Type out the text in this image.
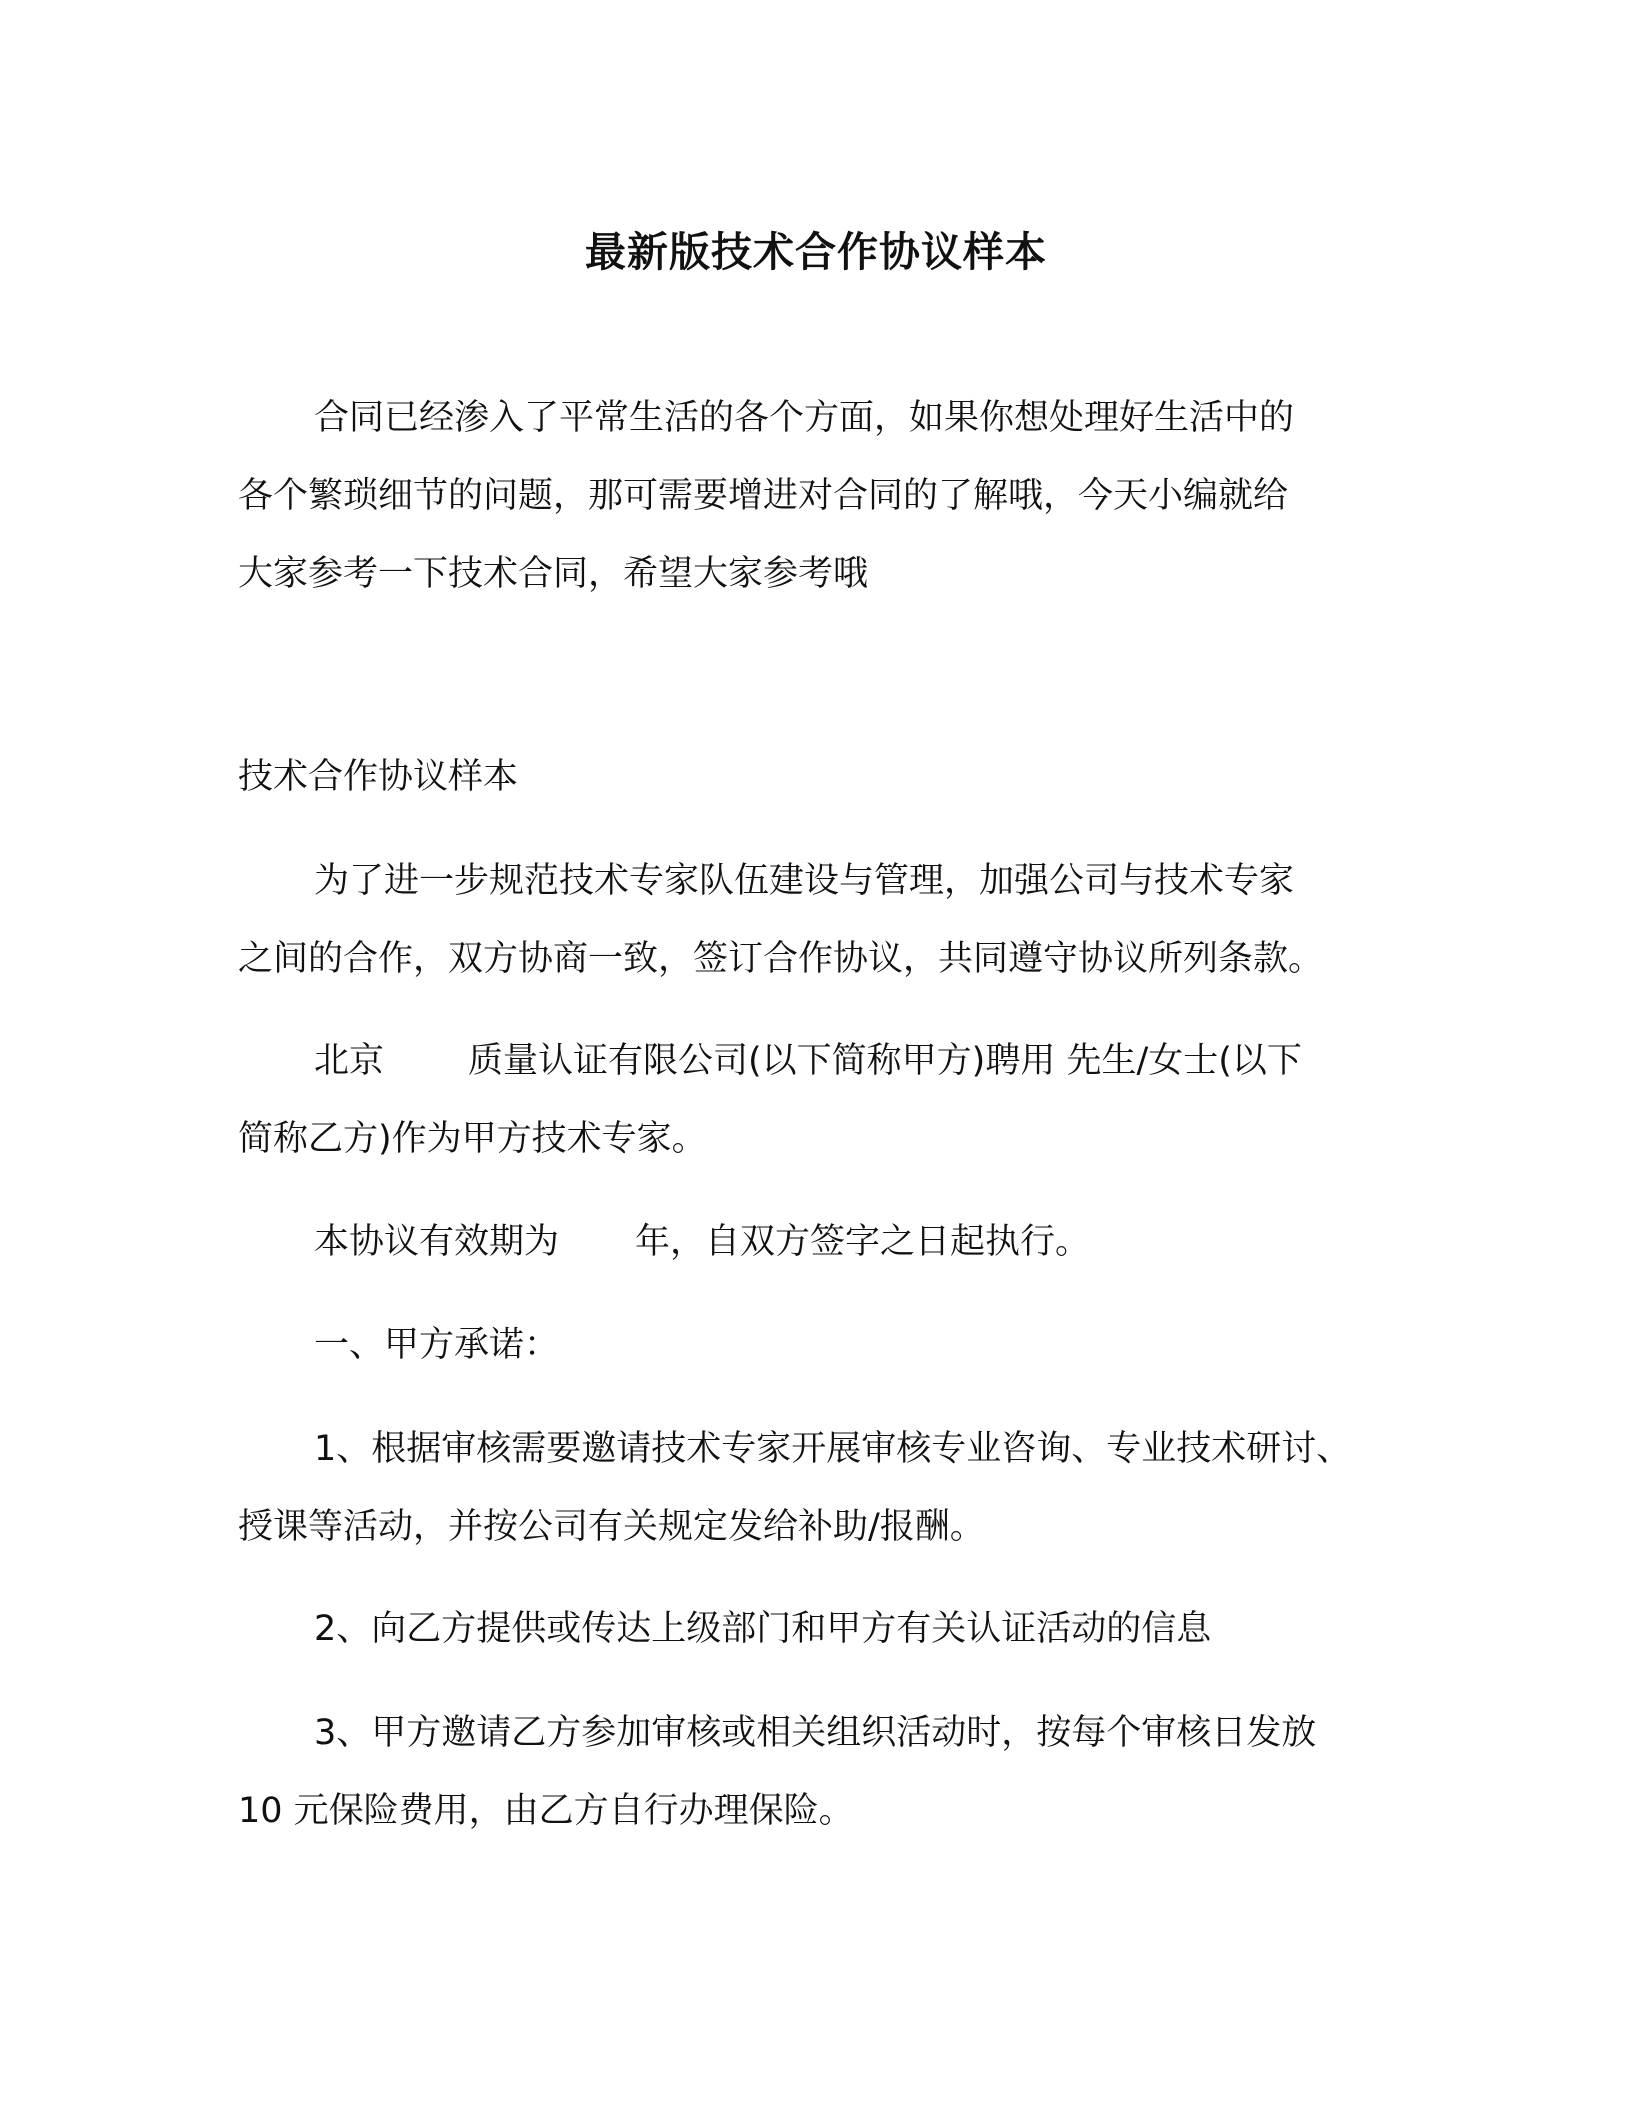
最新版技术合作协议样本
合同已经渗入了平常生活的各个方面，如果你想处理好生活中的
各个繁琐细节的问题，那可需要增进对合同的了解哦，今天小编就给
大家参考一下技术合同，希望大家参考哦
技术合作协议样本
为了进一步规范技术专家队伍建设与管理，加强公司与技术专家
之间的合作，双方协商一致，签订合作协议，共同遵守协议所列条款。
北京 质量认证有限公司(以下简称甲方)聘用 先生/女士(以下
简称乙方)作为甲方技术专家。
本协议有效期为 年，自双方签字之日起执行。
一、甲方承诺：
1、根据审核需要邀请技术专家开展审核专业咨询、专业技术研讨、
授课等活动，并按公司有关规定发给补助/报酬。
2、向乙方提供或传达上级部门和甲方有关认证活动的信息
3、甲方邀请乙方参加审核或相关组织活动时，按每个审核日发放
10 元保险费用，由乙方自行办理保险。
